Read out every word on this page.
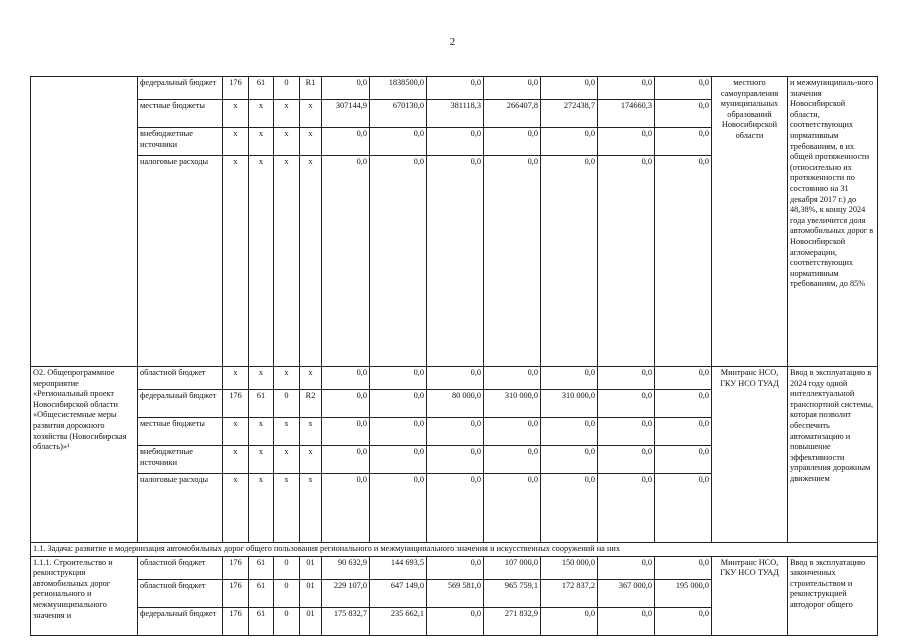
2
	федеральный бюджет	176	61	0	R1	0,0	1838500,0	0,0	0,0	0,0	0,0	0,0	местного самоуправления муниципальных образований Новосибирской области	и межмуниципаль-ного значения Новосибирской области, соответствующих нормативным требованиям, в их общей протяженности (относительно их протяженности по состоянию на 31 декабря 2017 г.) до 48,38%, к концу 2024 года увеличится доля автомобильных дорог в Новосибирской агломерации, соответствующих нормативным требованиям, до 85%
	местные бюджеты	х	х	х	х	307144,9	670130,0	381118,3	266407,8	272438,7	174660,3	0,0		
	внебюджетные источники	х	х	х	х	0,0	0,0	0,0	0,0	0,0	0,0	0,0		
	налоговые расходы	х	х	х	х	0,0	0,0	0,0	0,0	0,0	0,0	0,0		
О2. Общепрограммное мероприятие «Региональный проект Новосибирской области «Общесистемные меры развития дорожного хозяйства (Новосибирская область)»¹	областной бюджет	х	х	х	х	0,0	0,0	0,0	0,0	0,0	0,0	0,0	Минтранс НСО, ГКУ НСО ТУАД	Ввод в эксплуатацию в 2024 году одной интеллектуальной транспортной системы, которая позволит обеспечить автоматизацию и повышение эффективности управления дорожным движением
	федеральный бюджет	176	61	0	R2	0,0	0,0	80 000,0	310 000,0	310 000,0	0,0	0,0		
	местные бюджеты	х	х	х	х	0,0	0,0	0,0	0,0	0,0	0,0	0,0		
	внебюджетные источники	х	х	х	х	0,0	0,0	0,0	0,0	0,0	0,0	0,0		
	налоговые расходы	х	х	х	х	0,0	0,0	0,0	0,0	0,0	0,0	0,0		
1.1. Задача: развитие и модернизация автомобильных дорог общего пользования регионального и межмуниципального значения и искусственных сооружений на них														
1.1.1. Строительство и реконструкция автомобильных дорог регионального и межмуниципального значения и	областной бюджет	176	61	0	01	90 632,9	144 693,5	0,0	107 000,0	150 000,0	0,0	0,0	Минтранс НСО, ГКУ НСО ТУАД	Ввод в эксплуатацию законченных строительством и реконструкцией автодорог общего
	областной бюджет	176	61	0	01	229 107,0	647 149,0	569 581,0	965 759,1	172 837,2	367 000,0	195 000,0		
	федеральный бюджет	176	61	0	01	175 832,7	235 662,1	0,0	271 832,9	0,0	0,0	0,0		
